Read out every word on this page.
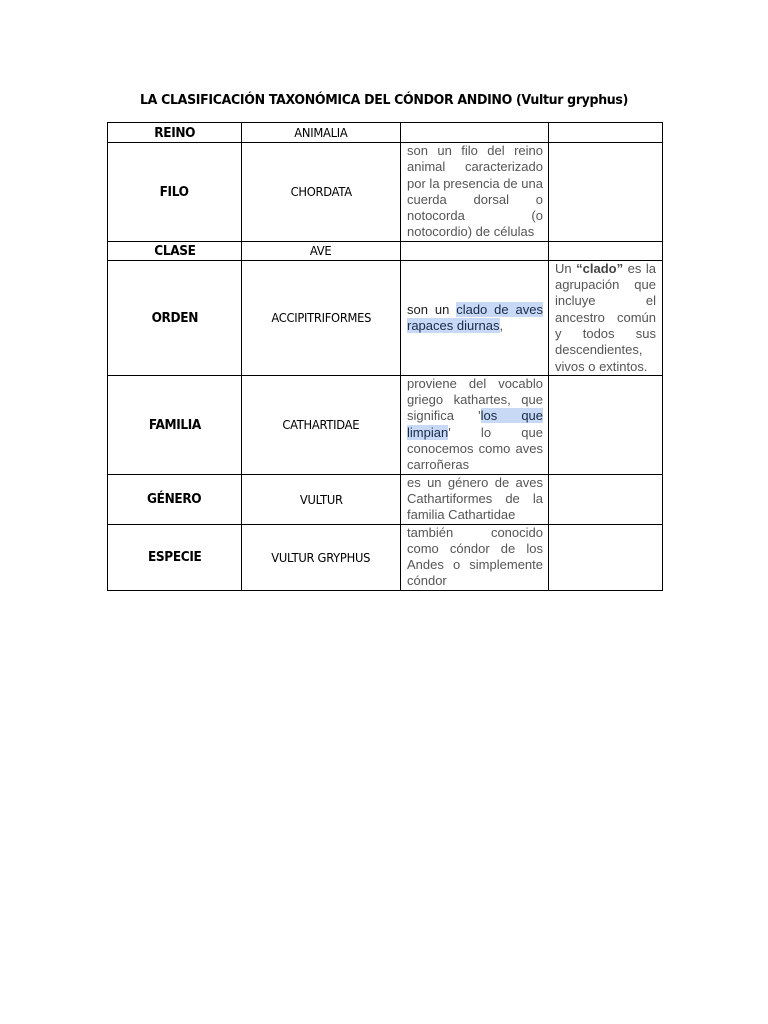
LA CLASIFICACIÓN TAXONÓMICA DEL CÓNDOR ANDINO (Vultur gryphus)
REINO	ANIMALIA		
FILO	CHORDATA	son un filo del reino animal caracterizado por la presencia de una cuerda dorsal o notocorda (o notocordio) de células	

CLASE	AVE		
ORDEN	ACCIPITRIFORMES	son un clado de aves rapaces diurnas,	Un “clado” es la agrupación que incluye el ancestro común y todos sus descendientes, vivos o extintos.

FAMILIA	CATHARTIDAE	proviene del vocablo griego kathartes, que significa 'los que limpian' lo que conocemos como aves carroñeras	

GÉNERO	VULTUR	es un género de aves Cathartiformes de la familia Cathartidae	

ESPECIE	VULTUR GRYPHUS	también conocido como cóndor de los Andes o simplemente cóndor	
